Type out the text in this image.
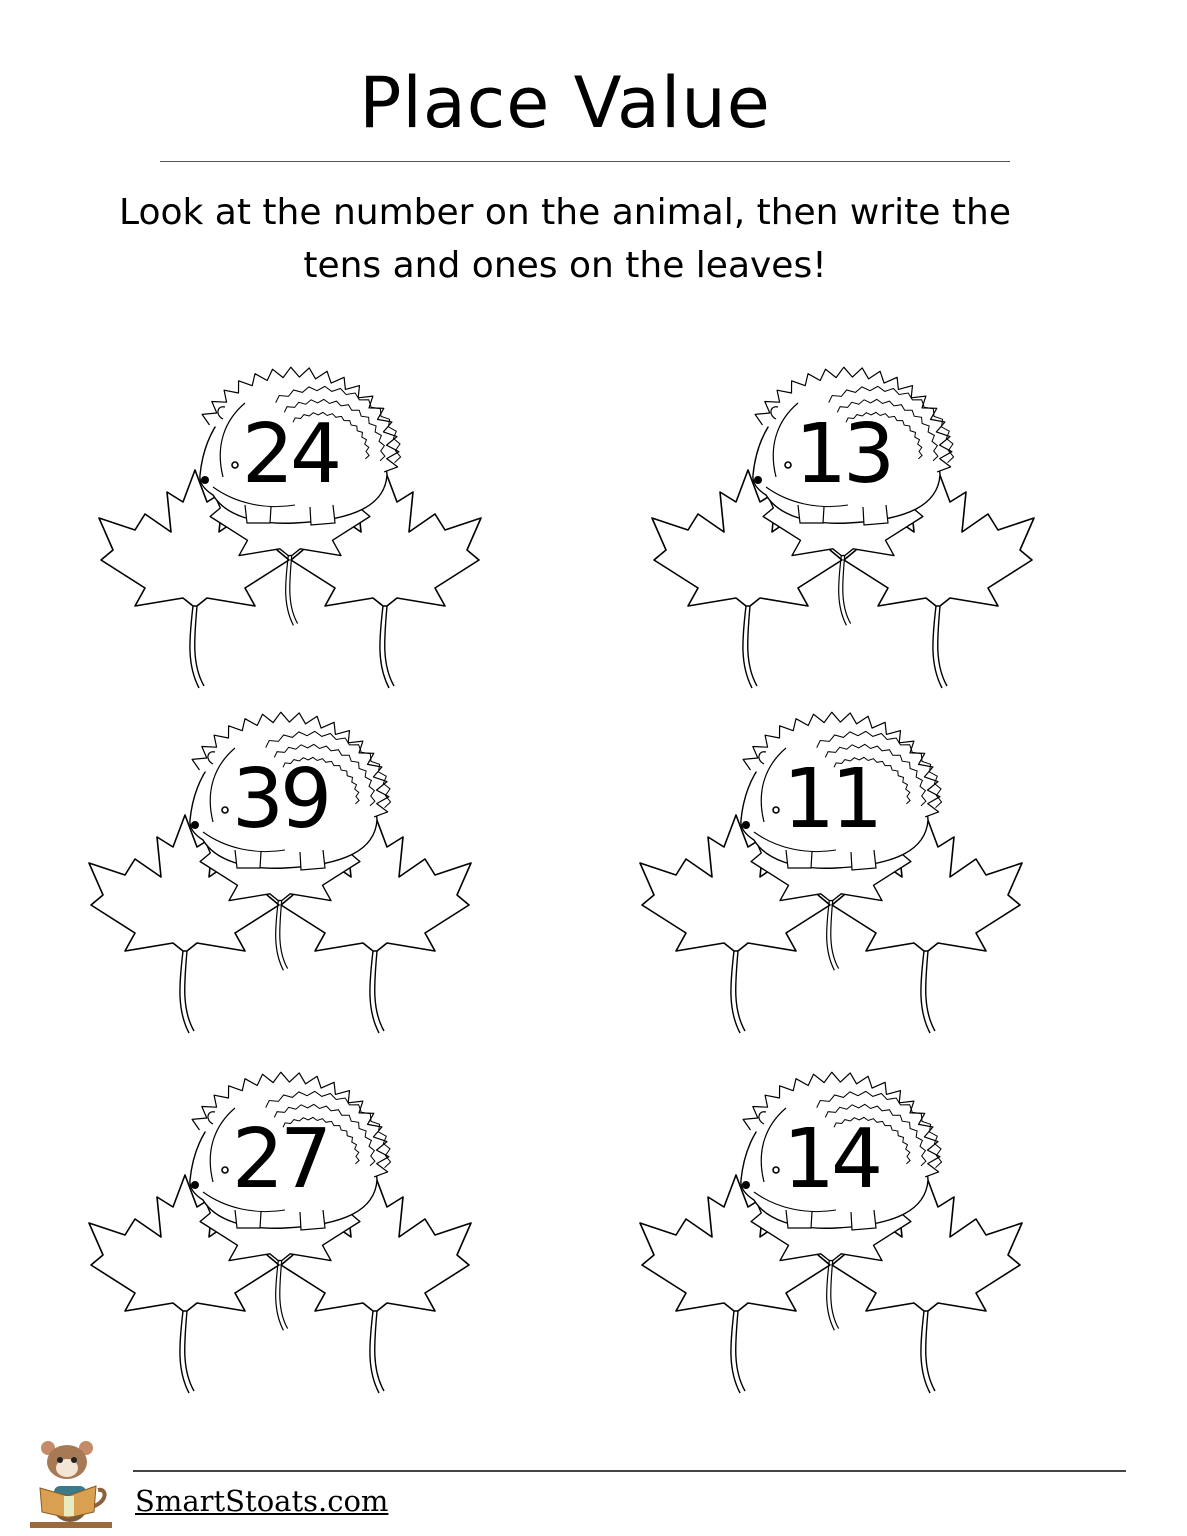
Place Value
Look at the number on the animal, then write the
tens and ones on the leaves!
24	13
39	11
27	14
SmartStoats.com
